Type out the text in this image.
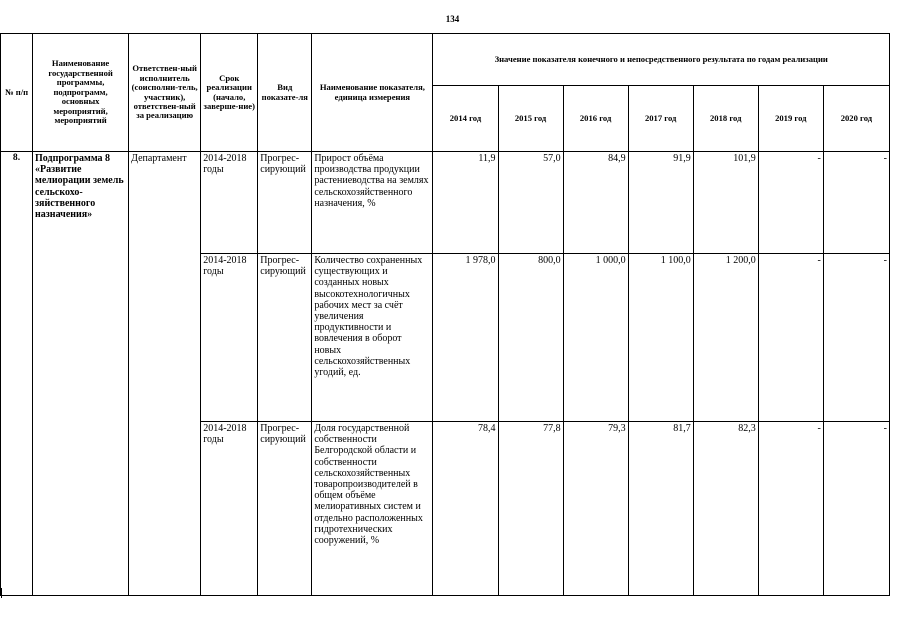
134
№ п/п	Наименование государственной программы, подпрограмм, основных мероприятий, мероприятий	Ответствен-ный исполнитель (соисполни-тель, участник), ответствен-ный за реализацию	Срок реализации (начало, заверше-ние)	Вид показате-ля	Наименование показателя, единица измерения	Значение показателя конечного и непосредственного результата по годам реализации						
						2014 год	2015 год	2016 год	2017 год	2018 год	2019 год	2020 год
8.	Подпрограмма 8 «Развитие мелиорации земель сельскохо-зяйственного назначения»	Департамент	2014-2018 годы	Прогрес-сирующий	Прирост объёма производства продукции растениеводства на землях сельскохозяйственного назначения, %	11,9	57,0	84,9	91,9	101,9	-	-
			2014-2018 годы	Прогрес-сирующий	Количество сохраненных существующих и созданных новых высокотехнологичных рабочих мест за счёт увеличения продуктивности и вовлечения в оборот новых сельскохозяйственных угодий, ед.	1 978,0	800,0	1 000,0	1 100,0	1 200,0	-	-
			2014-2018 годы	Прогрес-сирующий	Доля государственной собственности Белгородской области и собственности сельскохозяйственных товаропроизводителей в общем объёме мелиоративных систем и отдельно расположенных гидротехнических сооружений, %	78,4	77,8	79,3	81,7	82,3	-	-
